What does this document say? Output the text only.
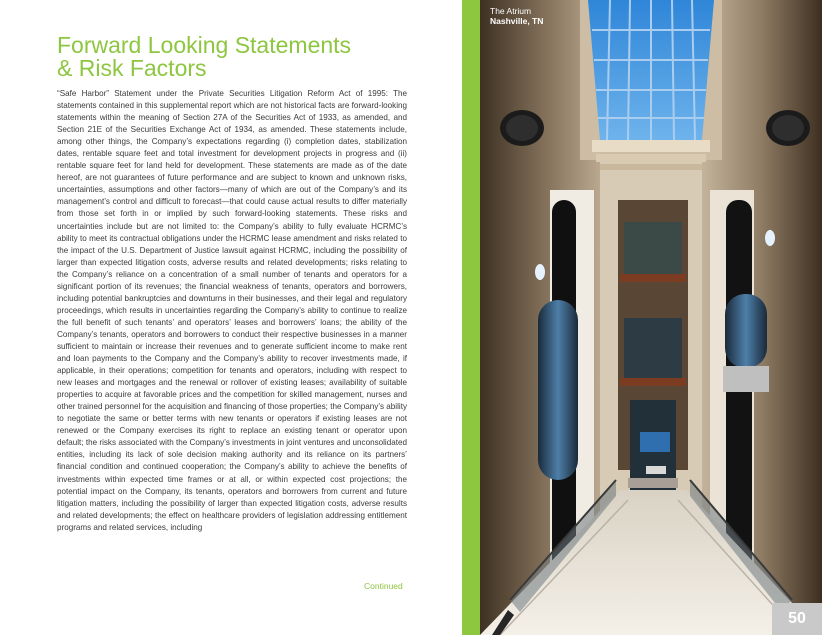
Forward Looking Statements
& Risk Factors

“Safe Harbor” Statement under the Private Securities Litigation Reform Act of 1995: The statements contained in this supplemental report which are not historical facts are forward-looking statements within the meaning of Section 27A of the Securities Act of 1933, as amended, and Section 21E of the Securities Exchange Act of 1934, as amended. These statements include, among other things, the Company’s expectations regarding (i) completion dates, stabilization dates, rentable square feet and total investment for development projects in progress and (ii) rentable square feet for land held for development. These statements are made as of the date hereof, are not guarantees of future performance and are subject to known and unknown risks, uncertainties, assumptions and other factors—many of which are out of the Company’s and its management’s control and difficult to forecast—that could cause actual results to differ materially from those set forth in or implied by such forward-looking statements. These risks and uncertainties include but are not limited to: the Company’s ability to fully evaluate HCRMC’s ability to meet its contractual obligations under the HCRMC lease amendment and risks related to the impact of the U.S. Department of Justice lawsuit against HCRMC, including the possibility of larger than expected litigation costs, adverse results and related developments; risks relating to the Company’s reliance on a concentration of a small number of tenants and operators for a significant portion of its revenues; the financial weakness of tenants, operators and borrowers, including potential bankruptcies and downturns in their businesses, and their legal and regulatory proceedings, which results in uncertainties regarding the Company’s ability to continue to realize the full benefit of such tenants’ and operators’ leases and borrowers’ loans; the ability of the Company’s tenants, operators and borrowers to conduct their respective businesses in a manner sufficient to maintain or increase their revenues and to generate sufficient income to make rent and loan payments to the Company and the Company’s ability to recover investments made, if applicable, in their operations; competition for tenants and operators, including with respect to new leases and mortgages and the renewal or rollover of existing leases; availability of suitable properties to acquire at favorable prices and the competition for skilled management, nurses and other trained personnel for the acquisition and financing of those properties; the Company’s ability to negotiate the same or better terms with new tenants or operators if existing leases are not renewed or the Company exercises its right to replace an existing tenant or operator upon default; the risks associated with the Company’s investments in joint ventures and unconsolidated entities, including its lack of sole decision making authority and its reliance on its partners’ financial condition and continued cooperation; the Company’s ability to achieve the benefits of investments within expected time frames or at all, or within expected cost projections; the potential impact on the Company, its tenants, operators and borrowers from current and future litigation matters, including the possibility of larger than expected litigation costs, adverse results and related developments; the effect on healthcare providers of legislation addressing entitlement programs and related services, including

Continued
The Atrium
Nashville, TN
50
